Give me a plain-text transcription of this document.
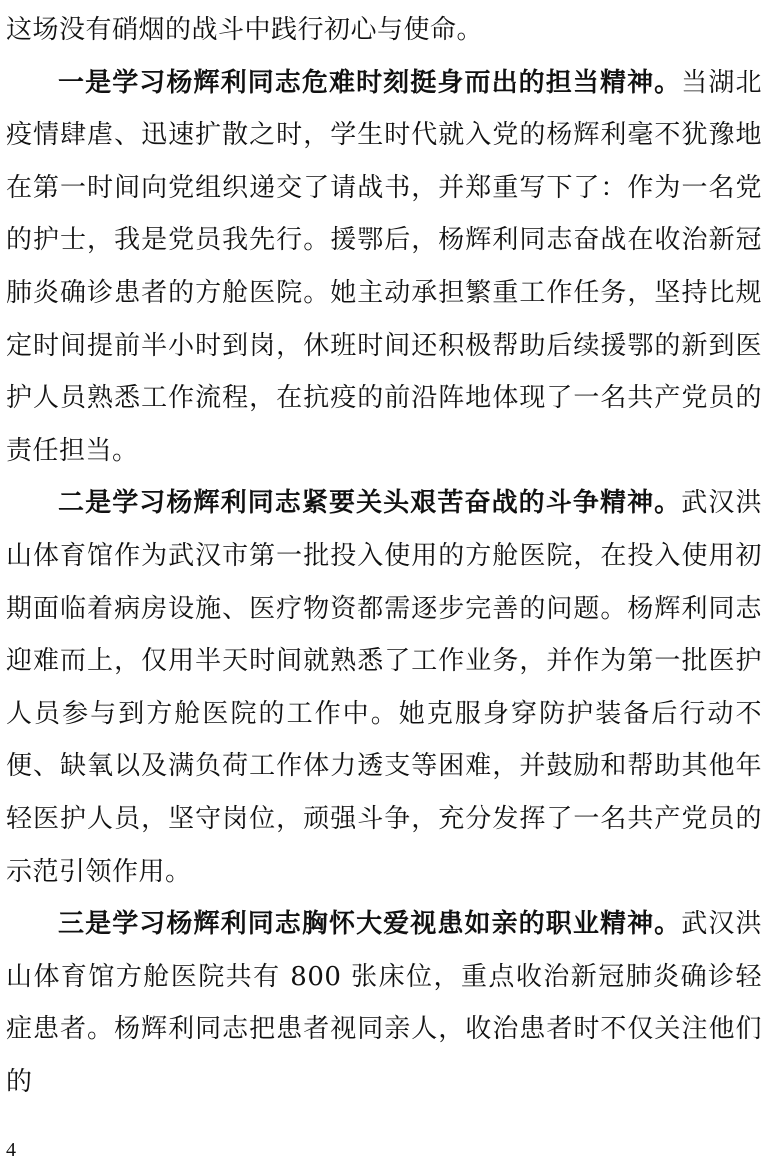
这场没有硝烟的战斗中践行初心与使命。

一是学习杨辉利同志危难时刻挺身而出的担当精神。当湖北疫情肆虐、迅速扩散之时，学生时代就入党的杨辉利毫不犹豫地在第一时间向党组织递交了请战书，并郑重写下了：作为一名党的护士，我是党员我先行。援鄂后，杨辉利同志奋战在收治新冠肺炎确诊患者的方舱医院。她主动承担繁重工作任务，坚持比规定时间提前半小时到岗，休班时间还积极帮助后续援鄂的新到医护人员熟悉工作流程，在抗疫的前沿阵地体现了一名共产党员的责任担当。

二是学习杨辉利同志紧要关头艰苦奋战的斗争精神。武汉洪山体育馆作为武汉市第一批投入使用的方舱医院，在投入使用初期面临着病房设施、医疗物资都需逐步完善的问题。杨辉利同志迎难而上，仅用半天时间就熟悉了工作业务，并作为第一批医护人员参与到方舱医院的工作中。她克服身穿防护装备后行动不便、缺氧以及满负荷工作体力透支等困难，并鼓励和帮助其他年轻医护人员，坚守岗位，顽强斗争，充分发挥了一名共产党员的示范引领作用。

三是学习杨辉利同志胸怀大爱视患如亲的职业精神。武汉洪山体育馆方舱医院共有 800 张床位，重点收治新冠肺炎确诊轻症患者。杨辉利同志把患者视同亲人，收治患者时不仅关注他们的

4
